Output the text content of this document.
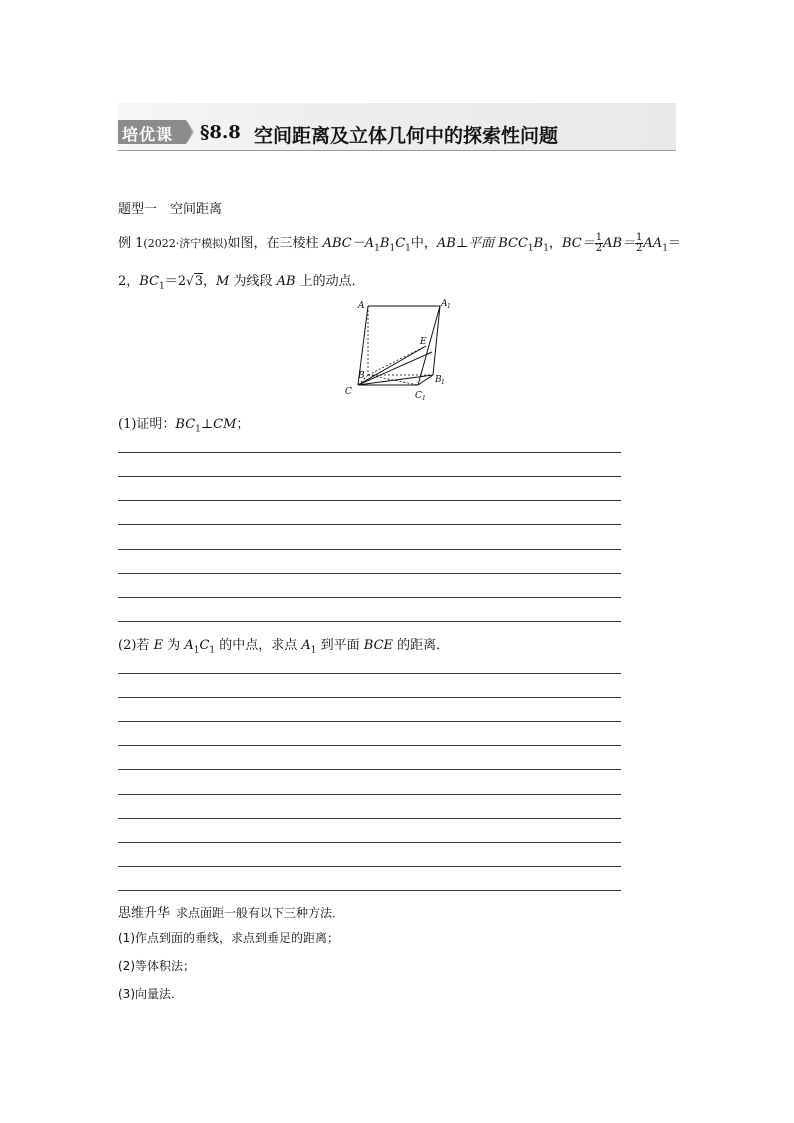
培优课 §8.8 空间距离及立体几何中的探索性问题
题型一　空间距离
例 1(2022·济宁模拟)如图，在三棱柱 $ABC-A_1B_1C_1$中，AB⊥平面 $BCC_1B_1$，$BC= \frac{1}{2} AB= \frac{1}{2} AA_1=$
2，$BC_1=2√3$，M 为线段 AB 上的动点．
A	A 1
E
B	B 1
C	C 1
(1)证明：$BC_1\perp CM$；
(2)若 E 为 $A_1C_1$ 的中点，求点 $A_1$ 到平面 BCE 的距离．
思维升华 求点面距一般有以下三种方法．
(1)作点到面的垂线，求点到垂足的距离；
(2)等体积法；
(3)向量法.
